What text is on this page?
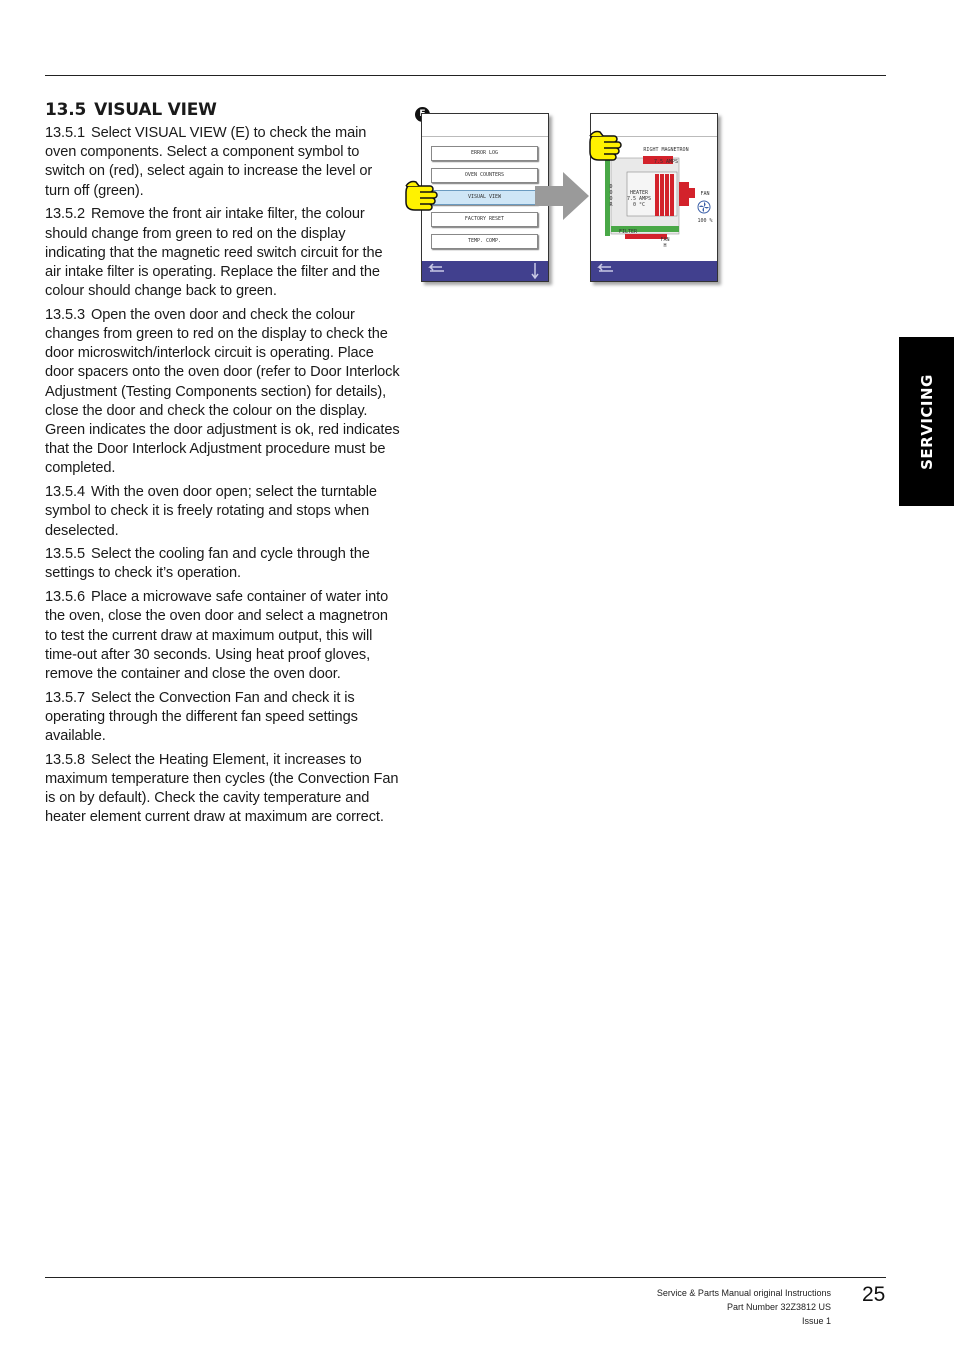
13.5 VISUAL VIEW

13.5.1 Select VISUAL VIEW (E) to check the main oven components. Select a component symbol to switch on (red), select again to increase the level or turn off (green).

13.5.2 Remove the front air intake filter, the colour should change from green to red on the display indicating that the magnetic reed switch circuit for the air intake filter is operating. Replace the filter and the colour should change back to green.

13.5.3 Open the oven door and check the colour changes from green to red on the display to check the door microswitch/interlock circuit is operating. Place door spacers onto the oven door (refer to Door Interlock Adjustment (Testing Components section) for details), close the door and check the colour on the display. Green indicates the door adjustment is ok, red indicates that the Door Interlock Adjustment procedure must be completed.

13.5.4 With the oven door open; select the turntable symbol to check it is freely rotating and stops when deselected.

13.5.5 Select the cooling fan and cycle through the settings to check it’s operation.

13.5.6 Place a microwave safe container of water into the oven, close the oven door and select a magnetron to test the current draw at maximum output, this will time-out after 30 seconds. Using heat proof gloves, remove the container and close the oven door.

13.5.7 Select the Convection Fan and check it is operating through the different fan speed settings available.

13.5.8 Select the Heating Element, it increases to maximum temperature then cycles (the Convection Fan is on by default). Check the cavity temperature and heater element current draw at maximum are correct.

ERROR LOG
OVEN COUNTERS
VISUAL VIEW
FACTORY RESET
TEMP. COMP.
RIGHT MAGNETRON
7.5 AMPS
DOOR
HEATER
7.5 AMPS
0 °C
FILTER
FAN
100 %
FAN
H
SERVICING
Service & Parts Manual original Instructions
Part Number 32Z3812 US
Issue 1
25
